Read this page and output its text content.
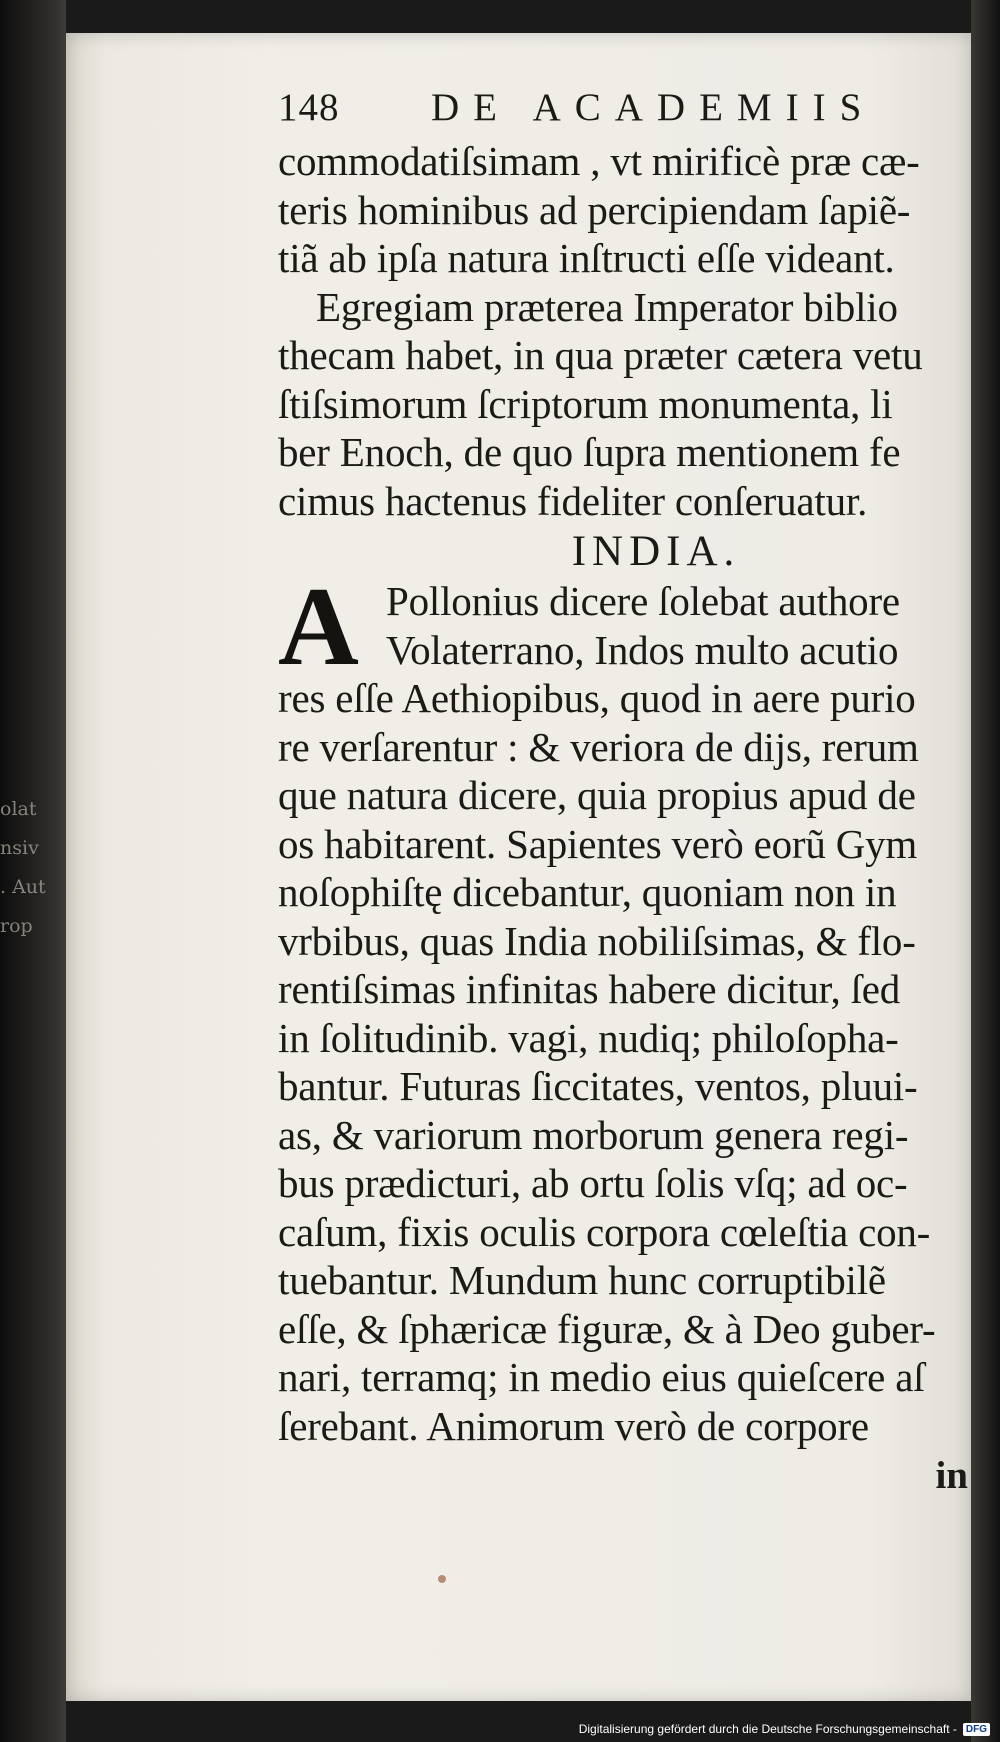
olat
nsiv
. Aut
rop
148 DE ACADEMIIS
commodatiſsimam , vt mirificè præ cæ-
teris hominibus ad percipiendam ſapiẽ-
tiã ab ipſa natura inſtructi eſſe videant.
Egregiam præterea Imperator biblio
thecam habet, in qua præter cætera vetu
ſtiſsimorum ſcriptorum monumenta, li
ber Enoch, de quo ſupra mentionem fe
cimus hactenus fideliter conſeruatur.
INDIA.
A Pollonius dicere ſolebat authore
Volaterrano, Indos multo acutio
res eſſe Aethiopibus, quod in aere purio
re verſarentur : & veriora de dijs, rerum
que natura dicere, quia propius apud de
os habitarent. Sapientes verò eorũ Gym
noſophiſtę dicebantur, quoniam non in
vrbibus, quas India nobiliſsimas, & flo-
rentiſsimas infinitas habere dicitur, ſed
in ſolitudinib. vagi, nudiq; philoſopha-
bantur. Futuras ſiccitates, ventos, pluui-
as, & variorum morborum genera regi-
bus prædicturi, ab ortu ſolis vſq; ad oc-
caſum, fixis oculis corpora cœleſtia con-
tuebantur. Mundum hunc corruptibilẽ
eſſe, & ſphæricæ figuræ, & à Deo guber-
nari, terramq; in medio eius quieſcere aſ
ſerebant. Animorum verò de corpore
in
Digitalisierung gefördert durch die Deutsche Forschungsgemeinschaft - DFG
